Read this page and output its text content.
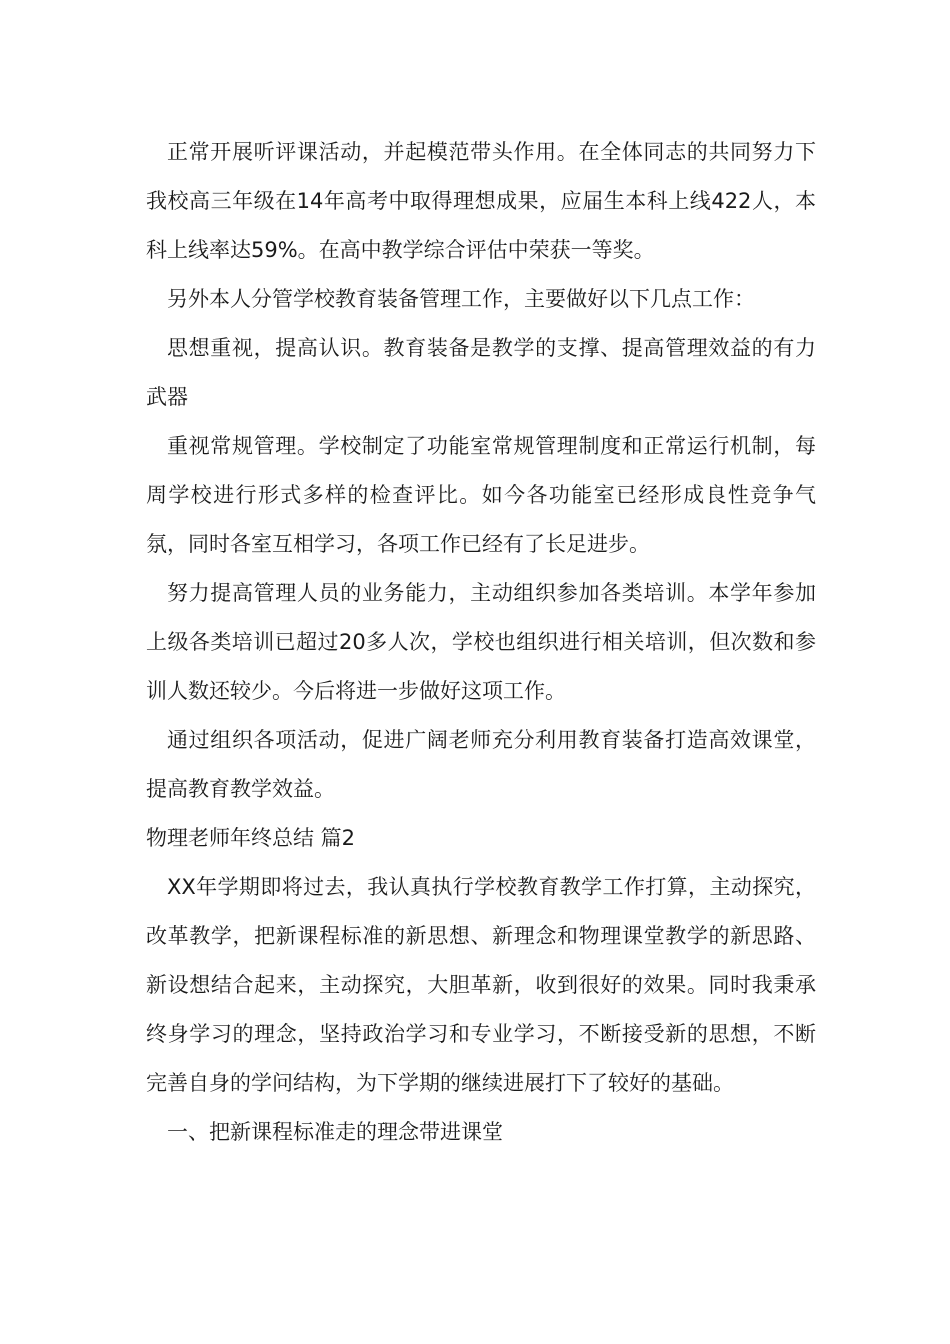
正常开展听评课活动，并起模范带头作用。在全体同志的共同努力下我校高三年级在14年高考中取得理想成果，应届生本科上线422人，本科上线率达59%。在高中教学综合评估中荣获一等奖。

另外本人分管学校教育装备管理工作，主要做好以下几点工作：

思想重视，提高认识。教育装备是教学的支撑、提高管理效益的有力武器

重视常规管理。学校制定了功能室常规管理制度和正常运行机制，每周学校进行形式多样的检查评比。如今各功能室已经形成良性竞争气氛，同时各室互相学习，各项工作已经有了长足进步。

努力提高管理人员的业务能力，主动组织参加各类培训。本学年参加上级各类培训已超过20多人次，学校也组织进行相关培训，但次数和参训人数还较少。今后将进一步做好这项工作。

通过组织各项活动，促进广阔老师充分利用教育装备打造高效课堂，提高教育教学效益。

物理老师年终总结 篇2

XX年学期即将过去，我认真执行学校教育教学工作打算，主动探究，改革教学，把新课程标准的新思想、新理念和物理课堂教学的新思路、新设想结合起来，主动探究，大胆革新，收到很好的效果。同时我秉承终身学习的理念，坚持政治学习和专业学习，不断接受新的思想，不断完善自身的学问结构，为下学期的继续进展打下了较好的基础。

一、把新课程标准走的理念带进课堂
